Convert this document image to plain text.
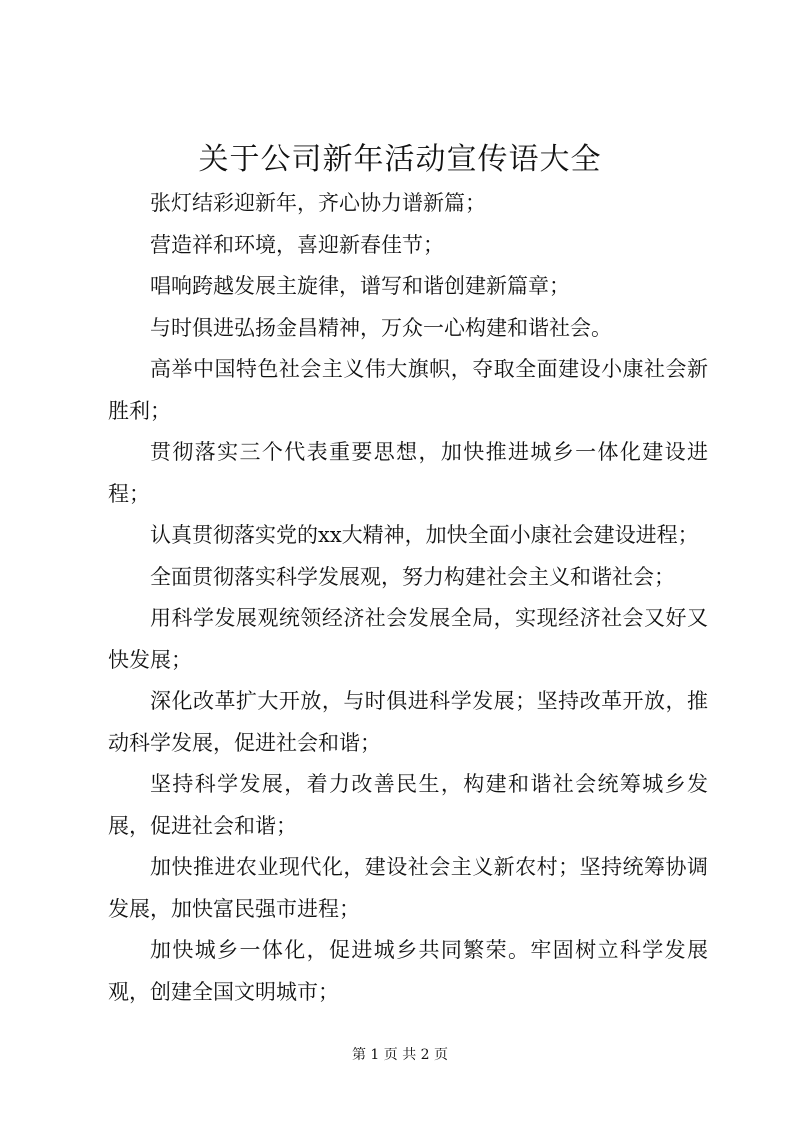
关于公司新年活动宣传语大全

张灯结彩迎新年，齐心协力谱新篇；

营造祥和环境，喜迎新春佳节；

唱响跨越发展主旋律，谱写和谐创建新篇章；

与时俱进弘扬金昌精神，万众一心构建和谐社会。

高举中国特色社会主义伟大旗帜，夺取全面建设小康社会新胜利；

贯彻落实三个代表重要思想，加快推进城乡一体化建设进程；

认真贯彻落实党的xx大精神，加快全面小康社会建设进程；

全面贯彻落实科学发展观，努力构建社会主义和谐社会；

用科学发展观统领经济社会发展全局，实现经济社会又好又快发展；

深化改革扩大开放，与时俱进科学发展；坚持改革开放，推动科学发展，促进社会和谐；

坚持科学发展，着力改善民生，构建和谐社会统筹城乡发展，促进社会和谐；

加快推进农业现代化，建设社会主义新农村；坚持统筹协调发展，加快富民强市进程；

加快城乡一体化，促进城乡共同繁荣。牢固树立科学发展观，创建全国文明城市；

第 1 页 共 2 页
